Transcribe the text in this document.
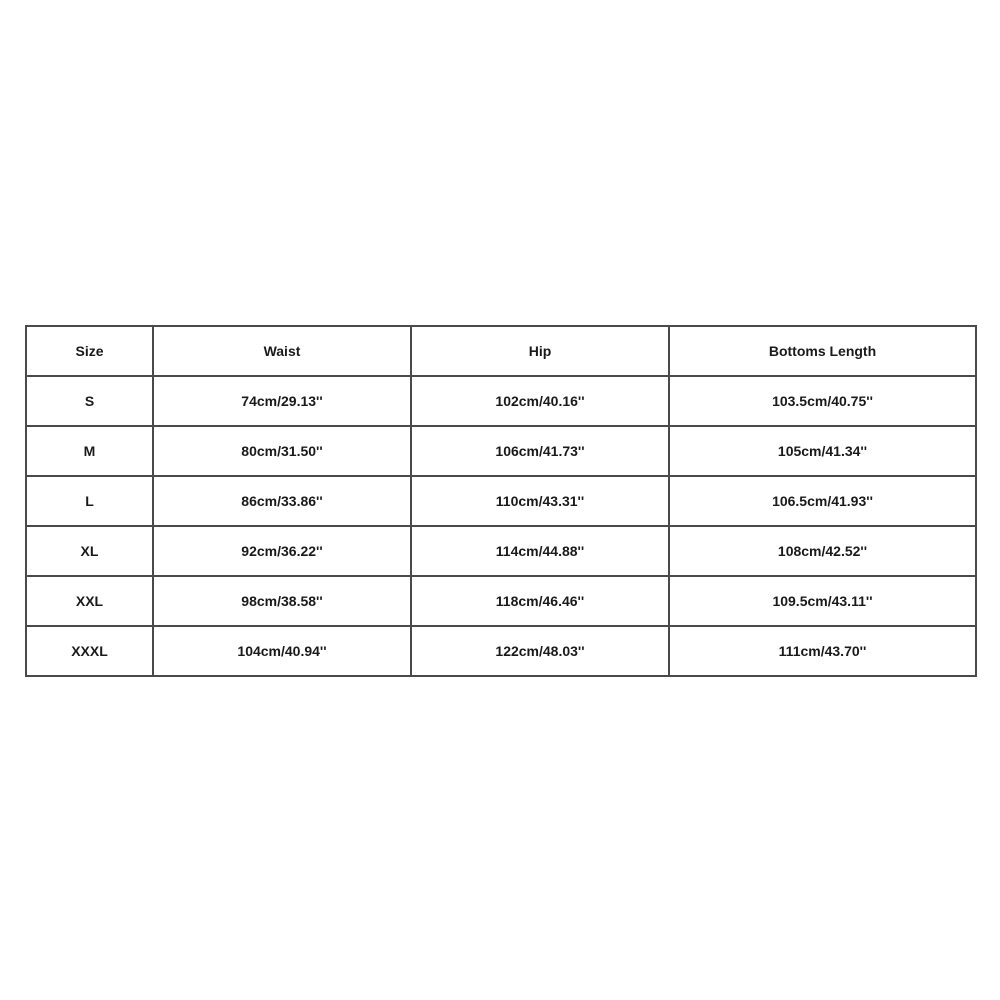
Size	Waist	Hip	Bottoms Length
S	74cm/29.13''	102cm/40.16''	103.5cm/40.75''
M	80cm/31.50''	106cm/41.73''	105cm/41.34''
L	86cm/33.86''	110cm/43.31''	106.5cm/41.93''
XL	92cm/36.22''	114cm/44.88''	108cm/42.52''
XXL	98cm/38.58''	118cm/46.46''	109.5cm/43.11''
XXXL	104cm/40.94''	122cm/48.03''	111cm/43.70''
